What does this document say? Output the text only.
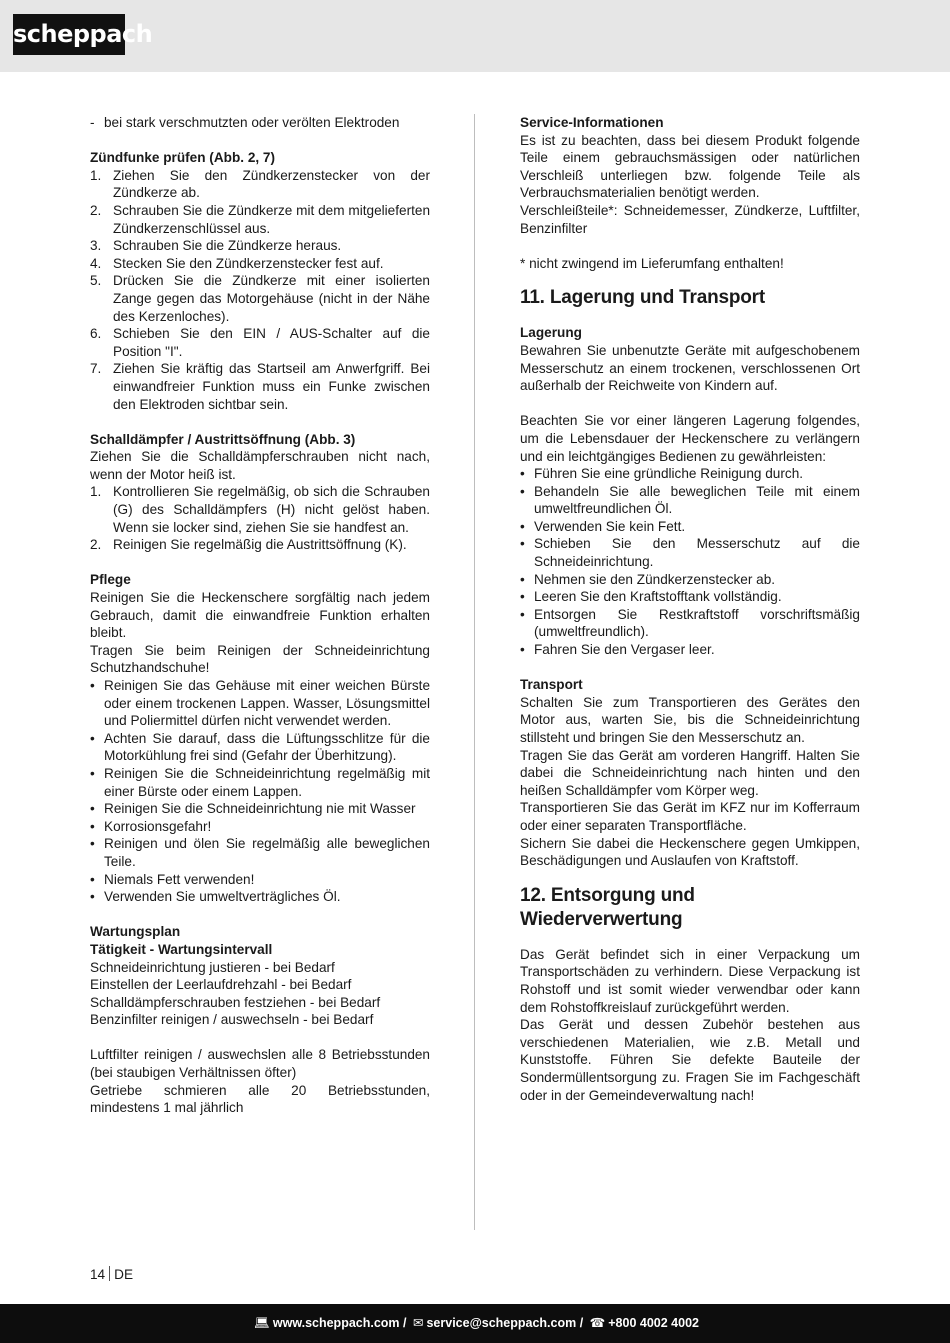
scheppach
- bei stark verschmutzten oder verölten Elektroden

Zündfunke prüfen (Abb. 2, 7)

1. Ziehen Sie den Zündkerzenstecker von der Zündkerze ab.
2. Schrauben Sie die Zündkerze mit dem mitgelieferten Zündkerzenschlüssel aus.
3. Schrauben Sie die Zündkerze heraus.
4. Stecken Sie den Zündkerzenstecker fest auf.
5. Drücken Sie die Zündkerze mit einer isolierten Zange gegen das Motorgehäuse (nicht in der Nähe des Kerzenloches).
6. Schieben Sie den EIN / AUS-Schalter auf die Position "I".
7. Ziehen Sie kräftig das Startseil am Anwerfgriff. Bei einwandfreier Funktion muss ein Funke zwischen den Elektroden sichtbar sein.

Schalldämpfer / Austrittsöffnung (Abb. 3)

Ziehen Sie die Schalldämpferschrauben nicht nach, wenn der Motor heiß ist.

1. Kontrollieren Sie regelmäßig, ob sich die Schrauben (G) des Schalldämpfers (H) nicht gelöst haben. Wenn sie locker sind, ziehen Sie sie handfest an.
2. Reinigen Sie regelmäßig die Austrittsöffnung (K).

Pflege

Reinigen Sie die Heckenschere sorgfältig nach jedem Gebrauch, damit die einwandfreie Funktion erhalten bleibt.

Tragen Sie beim Reinigen der Schneideinrichtung Schutzhandschuhe!

• Reinigen Sie das Gehäuse mit einer weichen Bürste oder einem trockenen Lappen. Wasser, Lösungsmittel und Poliermittel dürfen nicht verwendet werden.
• Achten Sie darauf, dass die Lüftungsschlitze für die Motorkühlung frei sind (Gefahr der Überhitzung).
• Reinigen Sie die Schneideinrichtung regelmäßig mit einer Bürste oder einem Lappen.
• Reinigen Sie die Schneideinrichtung nie mit Wasser
• Korrosionsgefahr!
• Reinigen und ölen Sie regelmäßig alle beweglichen Teile.
• Niemals Fett verwenden!
• Verwenden Sie umweltverträgliches Öl.

Wartungsplan

Tätigkeit - Wartungsintervall

Schneideinrichtung justieren - bei Bedarf

Einstellen der Leerlaufdrehzahl - bei Bedarf

Schalldämpferschrauben festziehen - bei Bedarf

Benzinfilter reinigen / auswechseln - bei Bedarf

Luftfilter reinigen / auswechslen alle 8 Betriebsstunden (bei staubigen Verhältnissen öfter)

Getriebe schmieren alle 20 Betriebsstunden, mindestens 1 mal jährlich

Service-Informationen

Es ist zu beachten, dass bei diesem Produkt folgende Teile einem gebrauchsmässigen oder natürlichen Verschleiß unterliegen bzw. folgende Teile als Verbrauchsmaterialien benötigt werden.

Verschleißteile*: Schneidemesser, Zündkerze, Luftfilter, Benzinfilter

* nicht zwingend im Lieferumfang enthalten!

11. Lagerung und Transport

Lagerung

Bewahren Sie unbenutzte Geräte mit aufgeschobenem Messerschutz an einem trockenen, verschlossenen Ort außerhalb der Reichweite von Kindern auf.

Beachten Sie vor einer längeren Lagerung folgendes, um die Lebensdauer der Heckenschere zu verlängern und ein leichtgängiges Bedienen zu gewährleisten:

• Führen Sie eine gründliche Reinigung durch.
• Behandeln Sie alle beweglichen Teile mit einem umweltfreundlichen Öl.
• Verwenden Sie kein Fett.
• Schieben Sie den Messerschutz auf die Schneideinrichtung.
• Nehmen sie den Zündkerzenstecker ab.
• Leeren Sie den Kraftstofftank vollständig.
• Entsorgen Sie Restkraftstoff vorschriftsmäßig (umweltfreundlich).
• Fahren Sie den Vergaser leer.

Transport

Schalten Sie zum Transportieren des Gerätes den Motor aus, warten Sie, bis die Schneideinrichtung stillsteht und bringen Sie den Messerschutz an.

Tragen Sie das Gerät am vorderen Hangriff. Halten Sie dabei die Schneideinrichtung nach hinten und den heißen Schalldämpfer vom Körper weg.

Transportieren Sie das Gerät im KFZ nur im Kofferraum oder einer separaten Transportfläche.

Sichern Sie dabei die Heckenschere gegen Umkippen, Beschädigungen und Auslaufen von Kraftstoff.

12. Entsorgung und Wiederverwertung

Das Gerät befindet sich in einer Verpackung um Transportschäden zu verhindern. Diese Verpackung ist Rohstoff und ist somit wieder verwendbar oder kann dem Rohstoffkreislauf zurückgeführt werden.

Das Gerät und dessen Zubehör bestehen aus verschiedenen Materialien, wie z.B. Metall und Kunststoffe. Führen Sie defekte Bauteile der Sondermüllentsorgung zu. Fragen Sie im Fachgeschäft oder in der Gemeindeverwaltung nach!

14 DE
💻︎ www.scheppach.com / ✉︎ service@scheppach.com / ☎︎ +800 4002 4002
